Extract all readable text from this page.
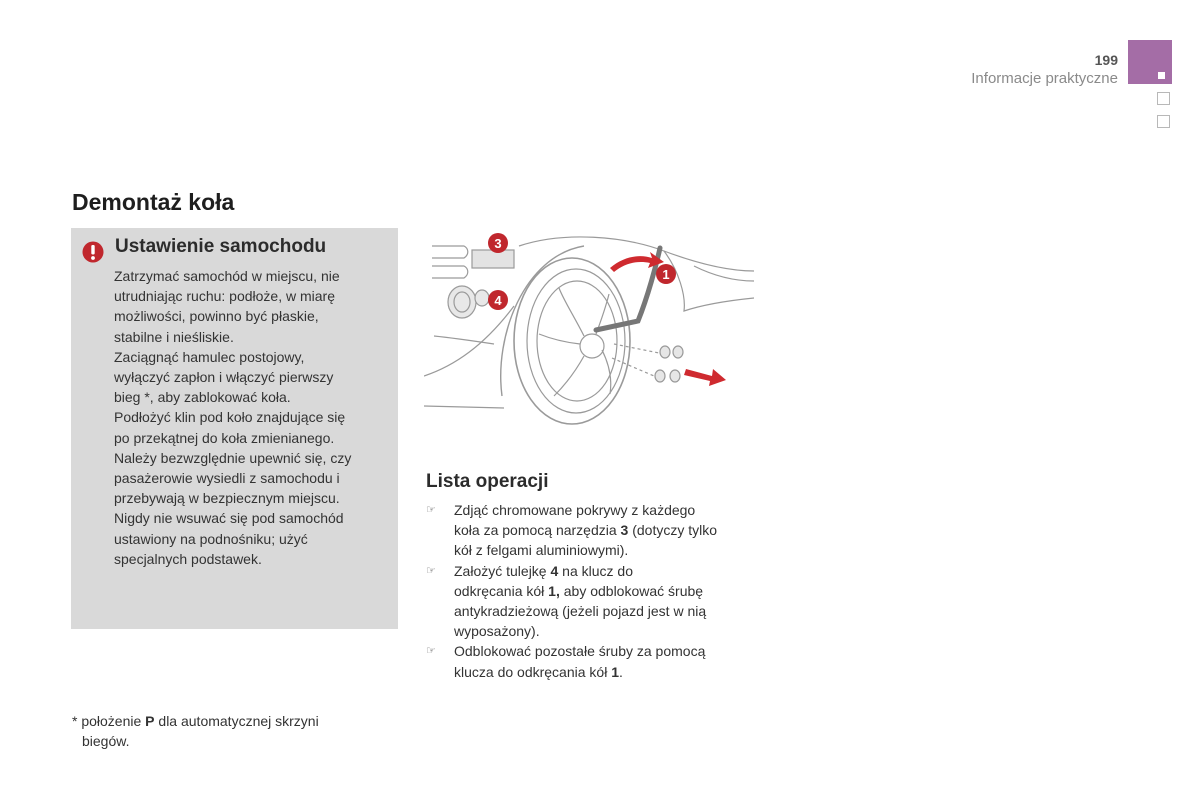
199
Informacje praktyczne
Demontaż koła
Ustawienie samochodu
Zatrzymać samochód w miejscu, nie
utrudniając ruchu: podłoże, w miarę
możliwości, powinno być płaskie,
stabilne i nieśliskie.
Zaciągnąć hamulec postojowy,
wyłączyć zapłon i włączyć pierwszy
bieg *, aby zablokować koła.
Podłożyć klin pod koło znajdujące się
po przekątnej do koła zmienianego.
Należy bezwzględnie upewnić się, czy
pasażerowie wysiedli z samochodu i
przebywają w bezpiecznym miejscu.
Nigdy nie wsuwać się pod samochód
ustawiony na podnośniku; użyć
specjalnych podstawek.
1
3
4
Lista operacji
☞ Zdjąć chromowane pokrywy z każdego
koła za pomocą narzędzia 3 (dotyczy tylko
kół z felgami aluminiowymi).
☞ Założyć tulejkę 4 na klucz do
odkręcania kół 1, aby odblokować śrubę
antykradzieżową (jeżeli pojazd jest w nią
wyposażony).
☞ Odblokować pozostałe śruby za pomocą
klucza do odkręcania kół 1.
* położenie P dla automatycznej skrzyni
biegów.
